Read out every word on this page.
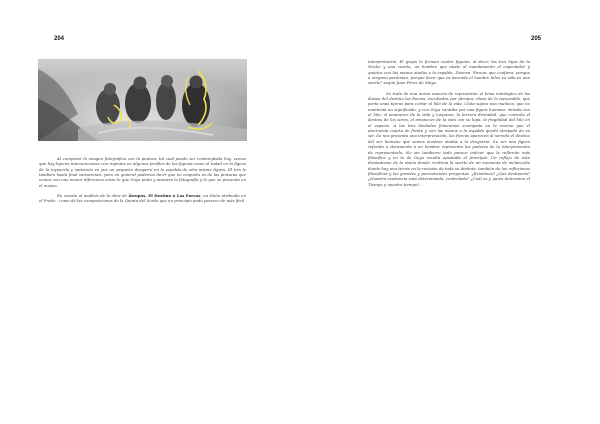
204	205

Al comparar la imagen fotográfica con la pintura, tal cual puede ser contemplada hoy, vemos que hay ligeras intervenciones con repintes en algunos perfiles de las figuras como el todad en la figura de la izquierda y variación en por un pequeño desgarro en la espalda de otra misma figura. El tiro le también hasta final variaciones, pero en general podemos decir que no conjunto es de las pinturas que vemos con una menor diferencia entre lo que Goya pintó y muestra la fotografía y lo que se presenta en el museo.

En cuanto al análisis de la obra de Átropos, El Destino o Las Parcas, un título atribuido en el Prado - como de las composiciones de la Quinta del Sordo que en principio pudo parecer de más fácil

interpretación. El grupo lo forman cuatro figuras, al decir, las tres hijas de la Noche y una cuarta, un hombre que atado al mandamento el espectador y quietos con las manos atadas a la espalda. Diversa "Parcas que confiera, porque a ninguno perdonan, porque decir que es ascendo el hombre hilos su vida es una suerte" según Juan Pérez de Moya.

Se trata de una nueva manera de representar el tema mitológico de las diosas del destino las Parcas, escoltados por Átropos, diosa de lo inexorable, que porta unas tijeras para cortar el hilo de la vida. Cloto sujeta una muñeca, que no mantenía un significado, y con Goya cantaba por una figura humana: mirada con el hilo, el amanecer de la vida y Láquesis, la tercera divinidad, que controla el destino de los seres, el amanecer de la vida con su lupa, la fragilidad del hilo en el espacio. A las tres deidades femeninas acompaña en la escena que el atormenta cuarta de frente y con las manos a la espalda quedó atrapado de su ser. Se nos presenta una interpretación, las Parcas aparecen al servido el destino del ser humano que vemos mostrar atadas a la desgracia. Su ser una figura referida a claramente a un hombre representa los poderes de la interpretación de representarlo. No sin tambarro todo parece indicar que la reflexión más filosófica y en la de Goya resulta apostada al principio. Un reflejo de este dramatismo de la visión donde recibiría la suerte de un momento de melancolía donde hay una teoría en la revisión de toda su distinta, también de las reflexiones filosóficas y las grandes y permanentes preguntas. ¿Existimos? ¿Qué destinaría? ¿Nuestra existencia está determinada, controlada? ¿Cuál es y quién determina el Tiempo y nuestro tiempo?...
